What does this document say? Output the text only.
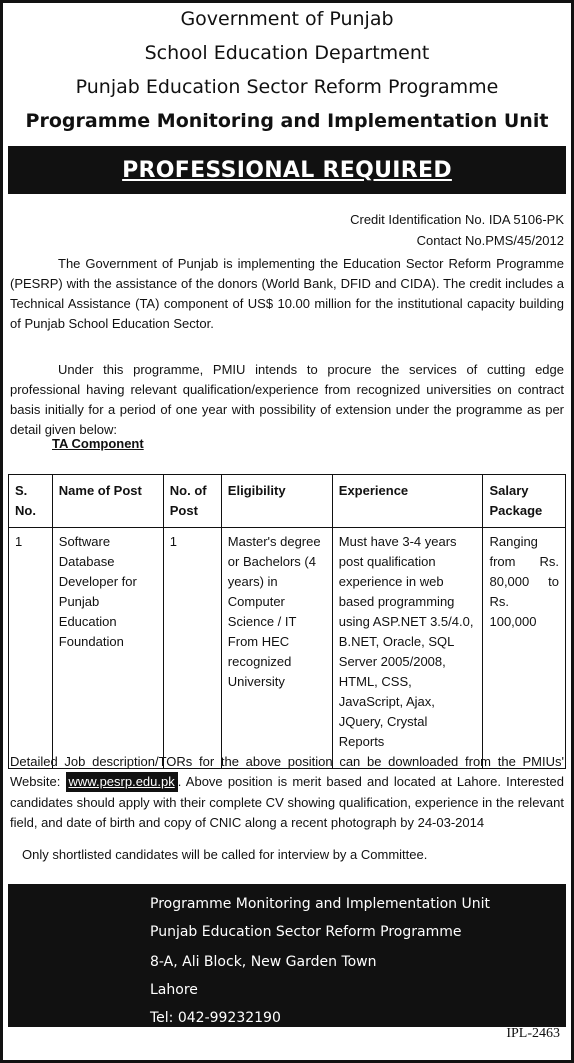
Government of Punjab
School Education Department
Punjab Education Sector Reform Programme
Programme Monitoring and Implementation Unit
PROFESSIONAL REQUIRED
Credit Identification No. IDA 5106-PK
Contact No.PMS/45/2012
The Government of Punjab is implementing the Education Sector Reform Programme (PESRP) with the assistance of the donors (World Bank, DFID and CIDA). The credit includes a Technical Assistance (TA) component of US$ 10.00 million for the institutional capacity building of Punjab School Education Sector.
Under this programme, PMIU intends to procure the services of cutting edge professional having relevant qualification/experience from recognized universities on contract basis initially for a period of one year with possibility of extension under the programme as per detail given below:
TA Component
S. No.	Name of Post	No. of Post	Eligibility	Experience	Salary Package
1	Software Database Developer for Punjab Education Foundation	1	Master's degree or Bachelors (4 years) in Computer Science / IT From HEC recognized University	Must have 3-4 years post qualification experience in web based programming using ASP.NET 3.5/4.0, B.NET, Oracle, SQL Server 2005/2008, HTML, CSS, JavaScript, Ajax, JQuery, Crystal Reports	Ranging from Rs. 80,000 to Rs. 100,000
Detailed Job description/TORs for the above position can be downloaded from the PMIUs' Website: www.pesrp.edu.pk . Above position is merit based and located at Lahore. Interested candidates should apply with their complete CV showing qualification, experience in the relevant field, and date of birth and copy of CNIC along a recent photograph by 24-03-2014
Only shortlisted candidates will be called for interview by a Committee.
Programme Monitoring and Implementation Unit
Punjab Education Sector Reform Programme
8-A, Ali Block, New Garden Town
Lahore
Tel: 042-99232190
IPL-2463
